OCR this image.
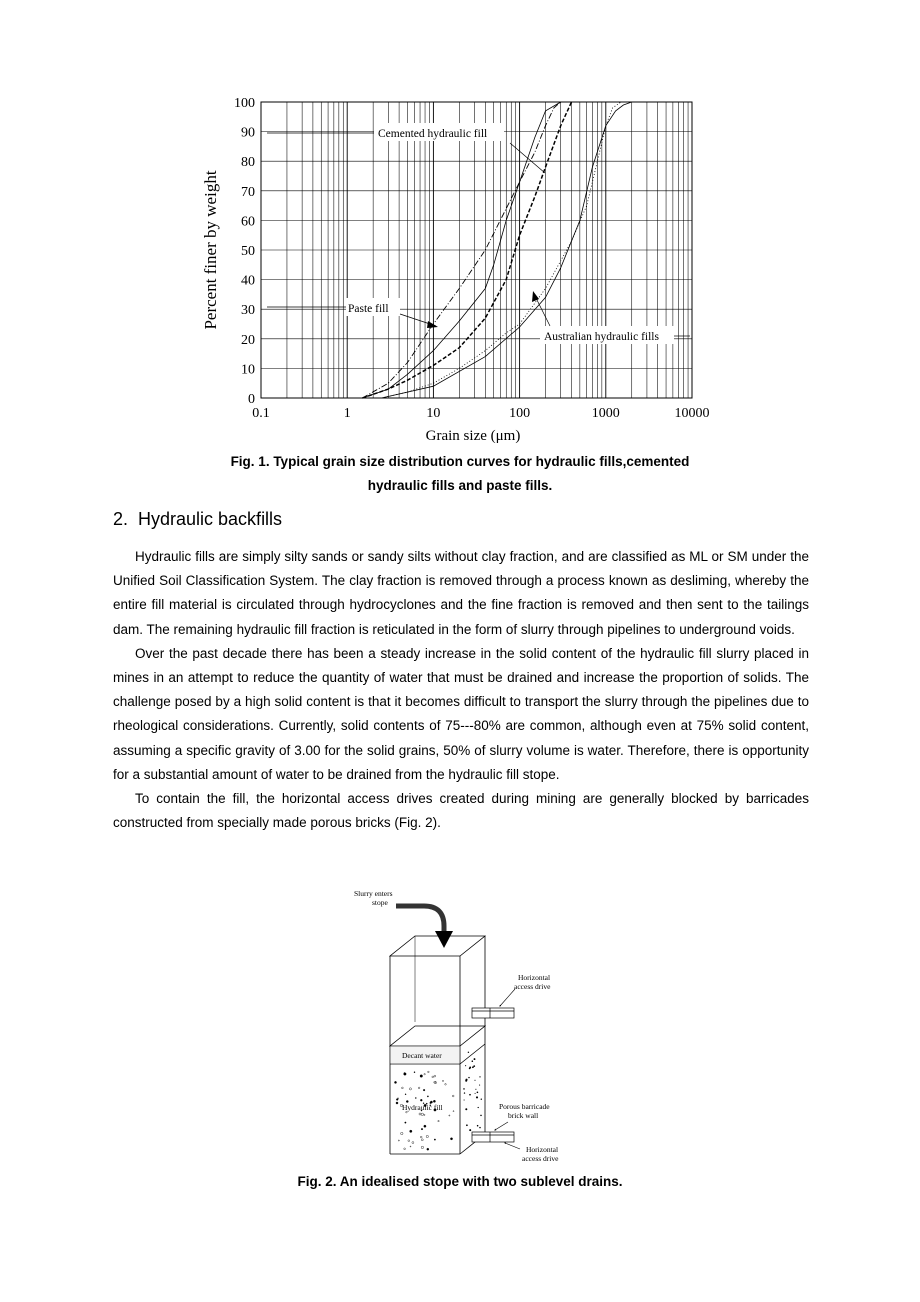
0
10
20
30
40
50
60
70
80
90
100
0.1	1	10	100	1000	10000
Percent finer by weight
Grain size (μm)
Cemented hydraulic fill
Paste fill
Australian hydraulic fills
Fig. 1. Typical grain size distribution curves for hydraulic fills,cemented
hydraulic fills and paste fills.
2. Hydraulic backfills

Hydraulic fills are simply silty sands or sandy silts without clay fraction, and are classified as ML or SM under the Unified Soil Classification System. The clay fraction is removed through a process known as desliming, whereby the entire fill material is circulated through hydrocyclones and the fine fraction is removed and then sent to the tailings dam. The remaining hydraulic fill fraction is reticulated in the form of slurry through pipelines to underground voids.

Over the past decade there has been a steady increase in the solid content of the hydraulic fill slurry placed in mines in an attempt to reduce the quantity of water that must be drained and increase the proportion of solids. The challenge posed by a high solid content is that it becomes difficult to transport the slurry through the pipelines due to rheological considerations. Currently, solid contents of 75---80% are common, although even at 75% solid content, assuming a specific gravity of 3.00 for the solid grains, 50% of slurry volume is water. Therefore, there is opportunity for a substantial amount of water to be drained from the hydraulic fill stope.

To contain the fill, the horizontal access drives created during mining are generally blocked by barricades constructed from specially made porous bricks (Fig. 2).

Slurry enters
stope
Decant water
Hydraulic fill
Horizontal
access drive
Porous barricade
brick wall
Horizontal
access drive
Fig. 2. An idealised stope with two sublevel drains.
